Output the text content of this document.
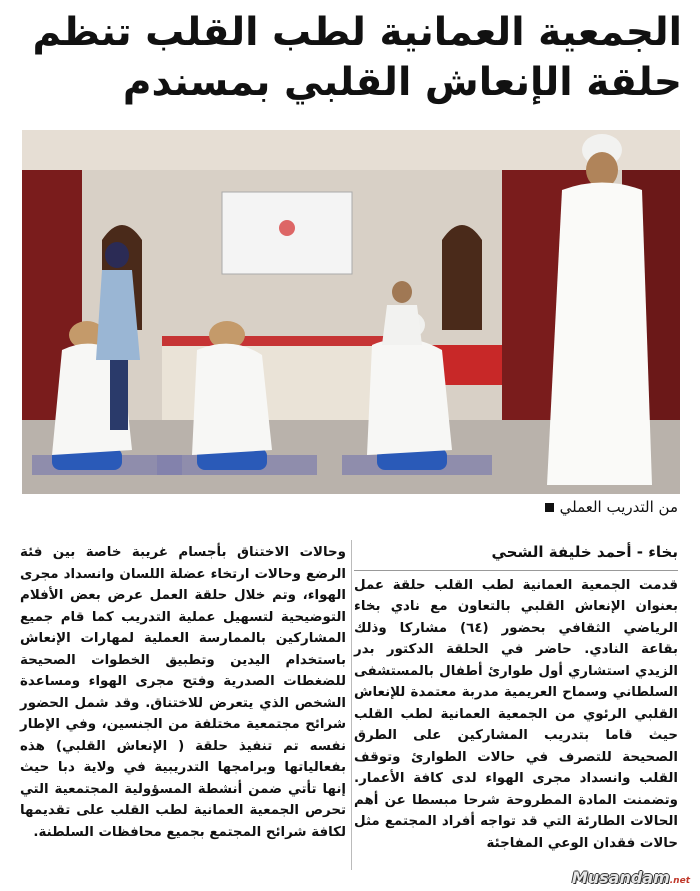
الجمعية العمانية لطب القلب تنظم
حلقة الإنعاش القلبي بمسندم
من التدريب العملي
بخاء - أحمد خليفة الشحي
قدمت الجمعية العمانية لطب القلب حلقة عمل بعنوان الإنعاش القلبي بالتعاون مع نادي بخاء الرياضي الثقافي بحضور (٦٤) مشاركا وذلك بقاعة النادي. حاضر في الحلقة الدكتور بدر الزيدي استشاري أول طوارئ أطفال بالمستشفى السلطاني وسماح العريمية مدربة معتمدة للإنعاش القلبي الرئوي من الجمعية العمانية لطب القلب حيث قاما بتدريب المشاركين على الطرق الصحيحة للتصرف في حالات الطوارئ وتوقف القلب وانسداد مجرى الهواء لدى كافة الأعمار. وتضمنت المادة المطروحة شرحا مبسطا عن أهم الحالات الطارئة التي قد تواجه أفراد المجتمع مثل حالات فقدان الوعي المفاجئة
وحالات الاختناق بأجسام غريبة خاصة بين فئة الرضع وحالات ارتخاء عضلة اللسان وانسداد مجرى الهواء، وتم خلال حلقة العمل عرض بعض الأفلام التوضيحية لتسهيل عملية التدريب كما قام جميع المشاركين بالممارسة العملية لمهارات الإنعاش باستخدام اليدين وتطبيق الخطوات الصحيحة للضغطات الصدرية وفتح مجرى الهواء ومساعدة الشخص الذي يتعرض للاختناق. وقد شمل الحضور شرائح مجتمعية مختلفة من الجنسين، وفي الإطار نفسه تم تنفيذ حلقة ( الإنعاش القلبي) هذه بفعالياتها وبرامجها التدريبية في ولاية دبا حيث إنها تأتي ضمن أنشطة المسؤولية المجتمعية التي تحرص الجمعية العمانية لطب القلب على تقديمها لكافة شرائح المجتمع بجميع محافظات السلطنة.
Musandam.net
